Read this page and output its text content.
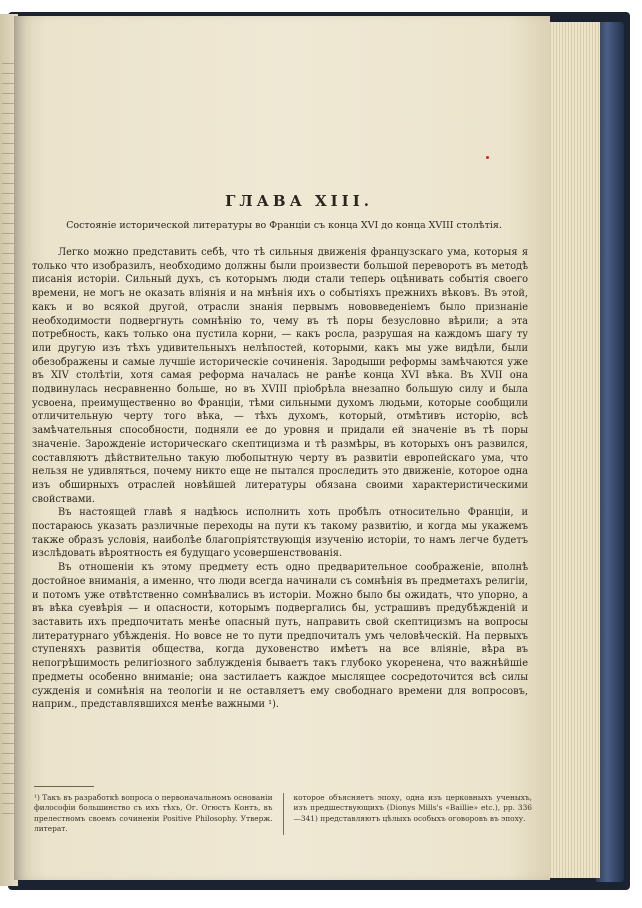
ГЛАВА XIII.
Состояніе исторической литературы во Франціи съ конца XVI до конца XVIII столѣтія.

Легко можно представить себѣ, что тѣ сильныя движенія французскаго ума, которыя я только что изобразилъ, необходимо должны были произвести большой переворотъ въ методѣ писанія исторіи. Сильный духъ, съ которымъ люди стали теперь оцѣнивать событія своего времени, не могъ не оказать вліянія и на мнѣнія ихъ о событіяхъ прежнихъ вѣковъ. Въ этой, какъ и во всякой другой, отрасли знанія первымъ нововведеніемъ было признаніе необходимости подвергнуть сомнѣнію то, чему въ тѣ поры безусловно вѣрили; а эта потребность, какъ только она пустила корни, — какъ росла, разрушая на каждомъ шагу ту или другую изъ тѣхъ удивительныхъ нелѣпостей, которыми, какъ мы уже видѣли, были обезображены и самые лучшіе историческіе сочиненія. Зародыши реформы замѣчаются уже въ XIV столѣтіи, хотя самая реформа началась не ранѣе конца XVI вѣка. Въ XVII она подвинулась несравненно больше, но въ XVIII пріобрѣла внезапно большую силу и была усвоена, преимущественно во Франціи, тѣми сильными духомъ людьми, которые сообщили отличительную черту того вѣка, — тѣхъ духомъ, который, отмѣтивъ исторію, всѣ замѣчательныя способности, подняли ее до уровня и придали ей значеніе въ тѣ поры значеніе. Зарожденіе историческаго скептицизма и тѣ размѣры, въ которыхъ онъ развился, составляютъ дѣйствительно такую любопытную черту въ развитіи европейскаго ума, что нельзя не удивляться, почему никто еще не пытался проследить это движеніе, которое одна изъ обширныхъ отраслей новѣйшей литературы обязана своими характеристическими свойствами.

Въ настоящей главѣ я надѣюсь исполнить хоть пробѣлъ относительно Франціи, и постараюсь указать различные переходы на пути къ такому развитію, и когда мы укажемъ также образъ условія, наиболѣе благопріятствующія изученію исторіи, то намъ легче будетъ изслѣдовать вѣроятность ея будущаго усовершенствованія.

Въ отношеніи къ этому предмету есть одно предварительное соображеніе, вполнѣ достойное вниманія, а именно, что люди всегда начинали съ сомнѣнія въ предметахъ религіи, и потомъ уже отвѣтственно сомнѣвались въ исторіи. Можно было бы ожидать, что упорно, а въ вѣка суевѣрія — и опасности, которымъ подвергались бы, устрашивъ предубѣжденій и заставить ихъ предпочитать менѣе опасный путь, направить свой скептицизмъ на вопросы литературнаго убѣжденія. Но вовсе не то пути предпочиталъ умъ человѣческій. На первыхъ ступеняхъ развитія общества, когда духовенство имѣетъ на все вліяніе, вѣра въ непогрѣшимость религіозного заблужденія бываетъ такъ глубоко укоренена, что важнѣйшіе предметы особенно вниманіе; она застилаетъ каждое мыслящее сосредоточится всѣ силы сужденія и сомнѣнія на теологіи и не оставляетъ ему свободнаго времени для вопросовъ, наприм., представлявшихся менѣе важными ¹).

¹) Такъ въ разработкѣ вопроса о первоначальномъ основаніи философіи большинство съ ихъ тѣхъ, Ог. Огюстъ Контъ, въ прелестномъ своемъ сочиненіи Positive Philosophy. Утверж. литерат.
которое объясняетъ эпоху, одна изъ церковныхъ ученыхъ, изъ предшествующихъ (Dionys Mills's «Baillie» etc.), pp. 336—341) представляютъ цѣлыхъ особыхъ оговоровъ въ эпоху.
